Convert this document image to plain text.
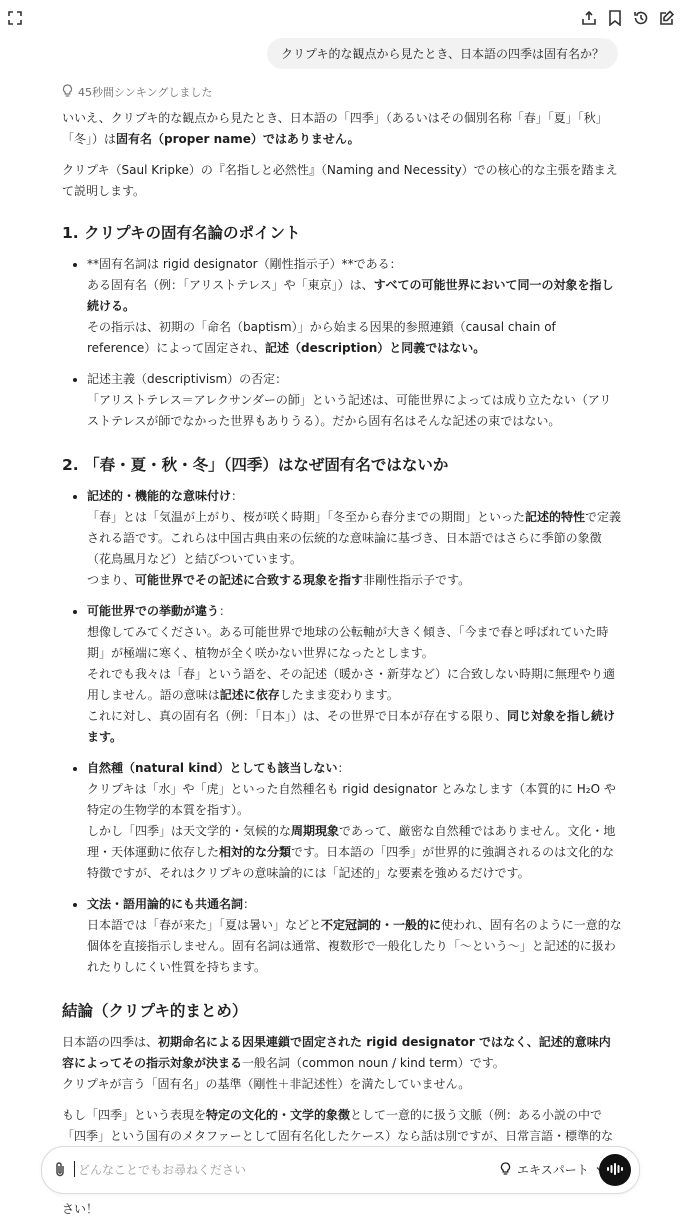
クリプキ的な観点から見たとき、日本語の四季は固有名か？
45秒間シンキングしました

いいえ、クリプキ的な観点から見たとき、日本語の「四季」（あるいはその個別名称「春」「夏」「秋」「冬」）は固有名（proper name）ではありません。

クリプキ（Saul Kripke）の『名指しと必然性』（Naming and Necessity）での核心的な主張を踏まえて説明します。

1. クリプキの固有名論のポイント
• **固有名詞は rigid designator（剛性指示子）**である：
ある固有名（例：「アリストテレス」や「東京」）は、すべての可能世界において同一の対象を指し続ける。
その指示は、初期の「命名（baptism）」から始まる因果的参照連鎖（causal chain of reference）によって固定され、記述（description）と同義ではない。
• 記述主義（descriptivism）の否定：
「アリストテレス＝アレクサンダーの師」という記述は、可能世界によっては成り立たない（アリストテレスが師でなかった世界もありうる）。だから固有名はそんな記述の束ではない。
2. 「春・夏・秋・冬」（四季）はなぜ固有名ではないか
• 記述的・機能的な意味付け：
「春」とは「気温が上がり、桜が咲く時期」「冬至から春分までの期間」といった記述的特性で定義される語です。これらは中国古典由来の伝統的な意味論に基づき、日本語ではさらに季節の象徴（花鳥風月など）と結びついています。
つまり、可能世界でその記述に合致する現象を指す非剛性指示子です。
• 可能世界での挙動が違う：
想像してみてください。ある可能世界で地球の公転軸が大きく傾き、「今まで春と呼ばれていた時期」が極端に寒く、植物が全く咲かない世界になったとします。
それでも我々は「春」という語を、その記述（暖かさ・新芽など）に合致しない時期に無理やり適用しません。語の意味は記述に依存したまま変わります。
これに対し、真の固有名（例：「日本」）は、その世界で日本が存在する限り、同じ対象を指し続けます。
• 自然種（natural kind）としても該当しない：
クリプキは「水」や「虎」といった自然種名も rigid designator とみなします（本質的に H₂O や特定の生物学的本質を指す）。
しかし「四季」は天文学的・気候的な周期現象であって、厳密な自然種ではありません。文化・地理・天体運動に依存した相対的な分類です。日本語の「四季」が世界的に強調されるのは文化的な特徴ですが、それはクリプキの意味論的には「記述的」な要素を強めるだけです。
• 文法・語用論的にも共通名詞：
日本語では「春が来た」「夏は暑い」などと不定冠詞的・一般的に使われ、固有名のように一意的な個体を直接指示しません。固有名詞は通常、複数形で一般化したり「〜という〜」と記述的に扱われたりしにくい性質を持ちます。
結論（クリプキ的まとめ）

日本語の四季は、初期命名による因果連鎖で固定された rigid designator ではなく、記述的意味内容によってその指示対象が決まる一般名詞（common noun / kind term）です。
クリプキが言う「固有名」の基準（剛性＋非記述性）を満たしていません。

もし「四季」という表現を特定の文化的・文学的象徴として一意的に扱う文脈（例：ある小説の中で「四季」という国有のメタファーとして固有名化したケース）なら話は別ですが、日常言語・標準的な

さい！

どんなことでもお尋ねください
エキスパート
